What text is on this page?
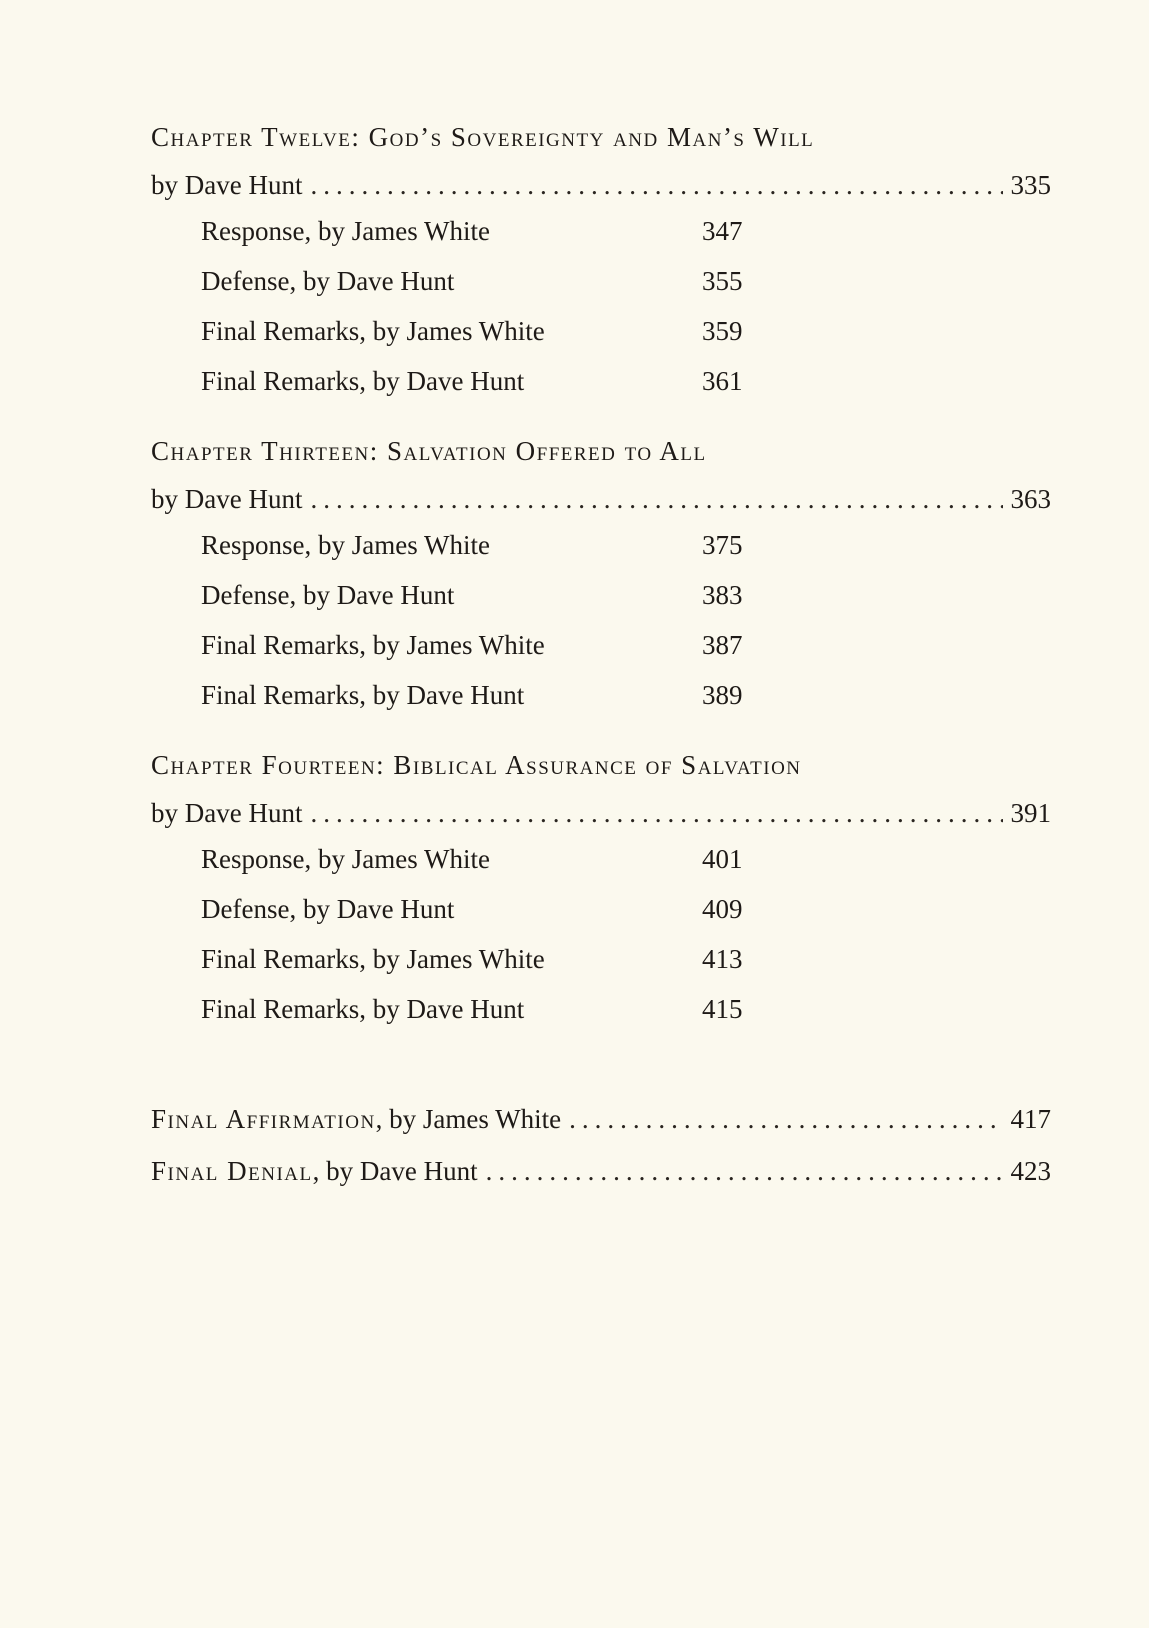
Chapter Twelve: God’s Sovereignty and Man’s Will
by Dave Hunt .....	335
Response, by James White	347
Defense, by Dave Hunt	355
Final Remarks, by James White	359
Final Remarks, by Dave Hunt	361
Chapter Thirteen: Salvation Offered to All
by Dave Hunt .....	363
Response, by James White	375
Defense, by Dave Hunt	383
Final Remarks, by James White	387
Final Remarks, by Dave Hunt	389
Chapter Fourteen: Biblical Assurance of Salvation
by Dave Hunt .....	391
Response, by James White	401
Defense, by Dave Hunt	409
Final Remarks, by James White	413
Final Remarks, by Dave Hunt	415
Final Affirmation, by James White .....	417
Final Denial, by Dave Hunt .....	423
